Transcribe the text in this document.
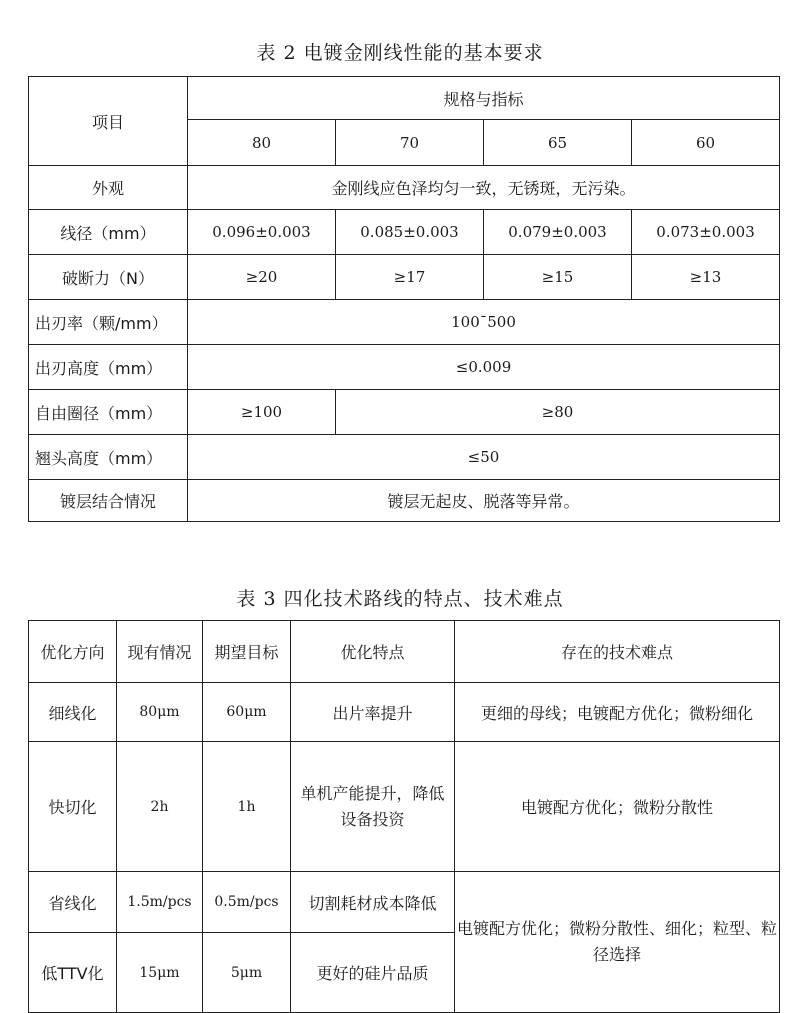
表 2 电镀金刚线性能的基本要求
项目	规格与指标			
	80	70	65	60
外观	金刚线应色泽均匀一致，无锈斑，无污染。			
线径（mm）	0.096±0.003	0.085±0.003	0.079±0.003	0.073±0.003
破断力（N）	≥20	≥17	≥15	≥13
出刃率（颗/mm）	100¯500			
出刃高度（mm）	≤0.009			
自由圈径（mm）	≥100	≥80		
翘头高度（mm）	≤50			
镀层结合情况	镀层无起皮、脱落等异常。			
表 3 四化技术路线的特点、技术难点
优化方向	现有情况	期望目标	优化特点	存在的技术难点
细线化	80μm	60μm	出片率提升	更细的母线；电镀配方优化；微粉细化
快切化	2h	1h	单机产能提升，降低设备投资	电镀配方优化；微粉分散性
省线化	1.5m/pcs	0.5m/pcs	切割耗材成本降低	电镀配方优化；微粉分散性、细化；粒型、粒径选择
低TTV化	15μm	5μm	更好的硅片品质	
